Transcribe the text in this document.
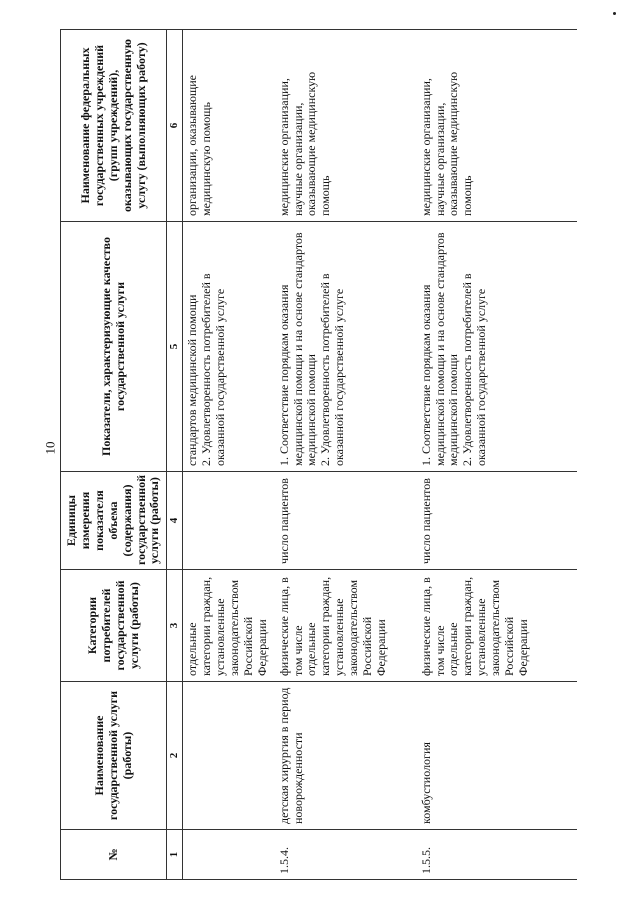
10
№	Наименование государственной услуги (работы)	Категории потребителей государственной услуги (работы)	Единицы измерения показателя объема (содержания) государственной услуги (работы)	Показатели, характеризующие качество государственной услуги	Наименование федеральных государственных учреждений (групп учреждений), оказывающих государственную услугу (выполняющих работу)
1	2	3	4	5	6
		отдельные категории граждан, установленные законодательством Российской Федерации		стандартов медицинской помощи 2. Удовлетворенность потребителей в оказанной государственной услуге	организации, оказывающие медицинскую помощь
1.5.4.	детская хирургия в период новорожденности	физические лица, в том числе отдельные категории граждан, установленные законодательством Российской Федерации	число пациентов	1. Соответствие порядкам оказания медицинской помощи и на основе стандартов медицинской помощи 2. Удовлетворенность потребителей в оказанной государственной услуге	медицинские организации, научные организации, оказывающие медицинскую помощь
1.5.5.	комбустиология	физические лица, в том числе отдельные категории граждан, установленные законодательством Российской Федерации	число пациентов	1. Соответствие порядкам оказания медицинской помощи и на основе стандартов медицинской помощи 2. Удовлетворенность потребителей в оказанной государственной услуге	медицинские организации, научные организации, оказывающие медицинскую помощь
